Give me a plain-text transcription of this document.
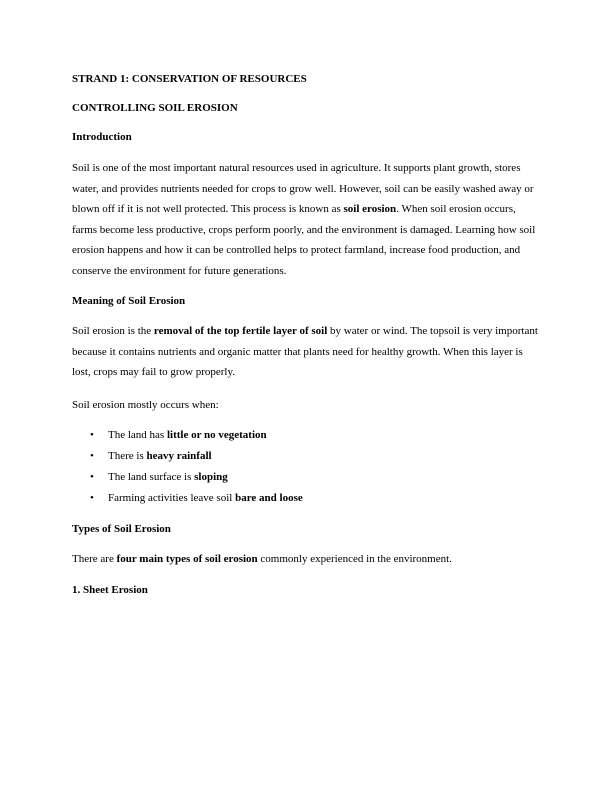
STRAND 1: CONSERVATION OF RESOURCES
CONTROLLING SOIL EROSION
Introduction

Soil is one of the most important natural resources used in agriculture. It supports plant growth, stores water, and provides nutrients needed for crops to grow well. However, soil can be easily washed away or blown off if it is not well protected. This process is known as soil erosion. When soil erosion occurs, farms become less productive, crops perform poorly, and the environment is damaged. Learning how soil erosion happens and how it can be controlled helps to protect farmland, increase food production, and conserve the environment for future generations.

Meaning of Soil Erosion

Soil erosion is the removal of the top fertile layer of soil by water or wind. The topsoil is very important because it contains nutrients and organic matter that plants need for healthy growth. When this layer is lost, crops may fail to grow properly.

Soil erosion mostly occurs when:

• The land has little or no vegetation
• There is heavy rainfall
• The land surface is sloping
• Farming activities leave soil bare and loose
Types of Soil Erosion

There are four main types of soil erosion commonly experienced in the environment.

1. Sheet Erosion
